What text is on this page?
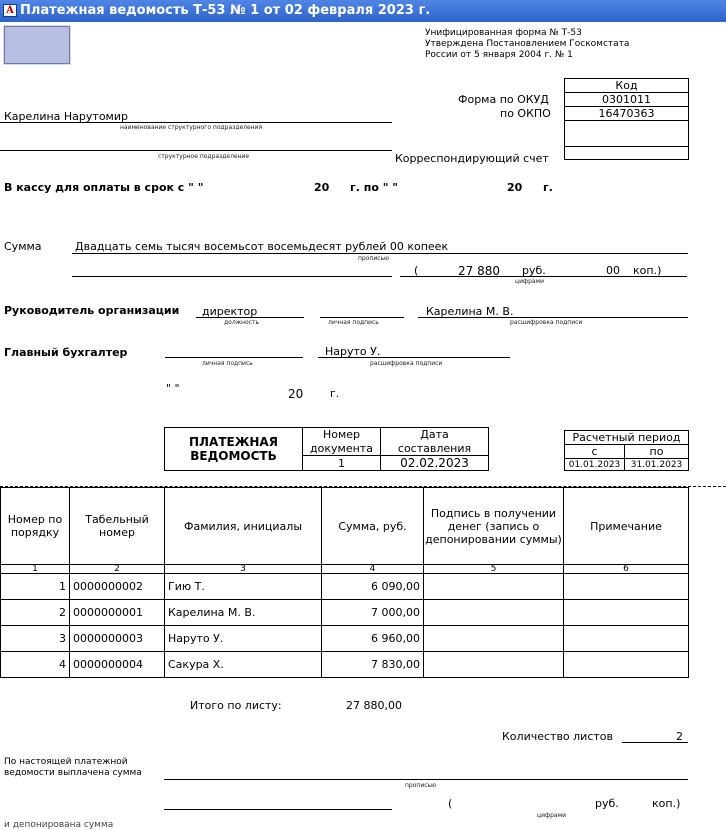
A Платежная ведомость Т-53 № 1 от 02 февраля 2023 г.
Унифицированная форма № Т-53
Утверждена Постановлением Госкомстата
России от 5 января 2004 г. № 1
Код
0301011
16470363

Форма по ОКУД
по ОКПО
Карелина Нарутомир
наименование структурного подразделения
структурное подразделение	Корреспондирующий счет
В кассу для оплаты в срок с " "	20 г. по " "	20 г.
Сумма	Двадцать семь тысяч восемьсот восемьдесят рублей 00 копеек
прописью
(	27 880 руб.	00 коп.)
цифрами
Руководитель организации директор
должность	личная подпись
Карелина М. В.
расшифровка подписи
Главный бухгалтер
личная подпись
Наруто У.
расшифровка подписи
" "	20 г.
ПЛАТЕЖНАЯ
ВЕДОМОСТЬ	Номер	Дата
	документа	составления
	1	02.02.2023
Расчетный период	
с	по
01.01.2023	31.01.2023
Номер по порядку	Табельный номер	Фамилия, инициалы	Сумма, руб.	Подпись в получении денег (запись о депонировании суммы)	Примечание
1	2	3	4	5	6
1	0000000002	Гию Т.	6 090,00		
2	0000000001	Карелина М. В.	7 000,00		
3	0000000003	Наруто У.	6 960,00		
4	0000000004	Сакура Х.	7 830,00		
Итого по листу:	27 880,00
Количество листов	2
По настоящей платежной
ведомости выплачена сумма
прописью
(	руб.	коп.)
цифрами
и депонирована сумма
